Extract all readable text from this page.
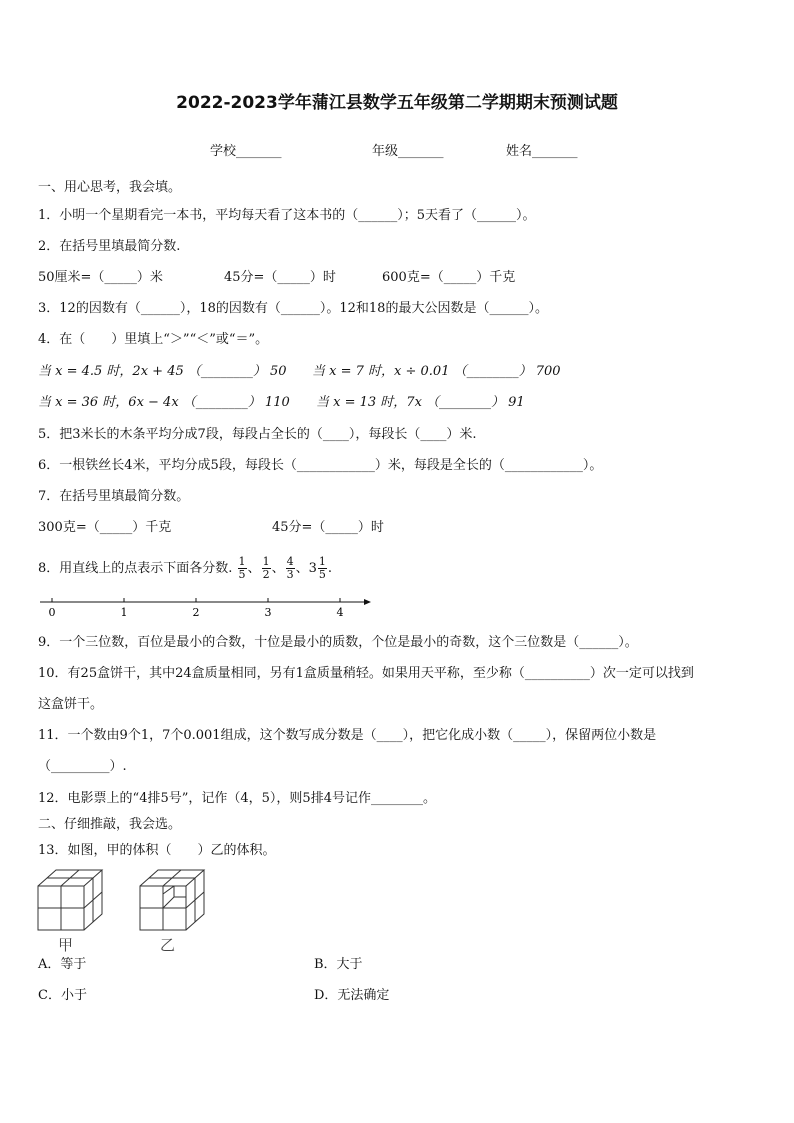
2022-2023学年蒲江县数学五年级第二学期期末预测试题
学校_______	年级_______	姓名_______
一、用心思考，我会填。
1．小明一个星期看完一本书，平均每天看了这本书的（______）；5天看了（______）。
2．在括号里填最简分数.
50厘米=（_____）米	45分=（_____）时	600克=（_____）千克
3．12的因数有（______），18的因数有（______）。12和18的最大公因数是（______）。
4．在（　　）里填上“＞”“＜”或“＝”。
当 x = 4.5 时，2x + 45 （________） 50 当 x = 7 时，x ÷ 0.01 （________） 700
当 x = 36 时，6x − 4x （________） 110 当 x = 13 时，7x （________） 91
5．把3米长的木条平均分成7段，每段占全长的（____），每段长（____）米.
6．一根铁丝长4米，平均分成5段，每段长（____________）米，每段是全长的（____________）。
7．在括号里填最简分数。
300克=（_____）千克	45分=（_____）时
8．用直线上的点表示下面各分数. $\frac{1}{5}$ 、 $\frac{1}{2}$ 、 $\frac{4}{3}$ 、$3 \frac{1}{5}$ .
0	1	2	3	4
9．一个三位数，百位是最小的合数，十位是最小的质数，个位是最小的奇数，这个三位数是（______）。
10．有25盒饼干，其中24盒质量相同，另有1盒质量稍轻。如果用天平称，至少称（__________）次一定可以找到
这盒饼干。
11．一个数由9个1，7个0.001组成，这个数写成分数是（____），把它化成小数（_____），保留两位小数是
（_________）.
12．电影票上的“4排5号”，记作（4，5），则5排4号记作________。
二、仔细推敲，我会选。
13．如图，甲的体积（　　）乙的体积。
甲	乙
A．等于	B．大于
C．小于	D．无法确定
